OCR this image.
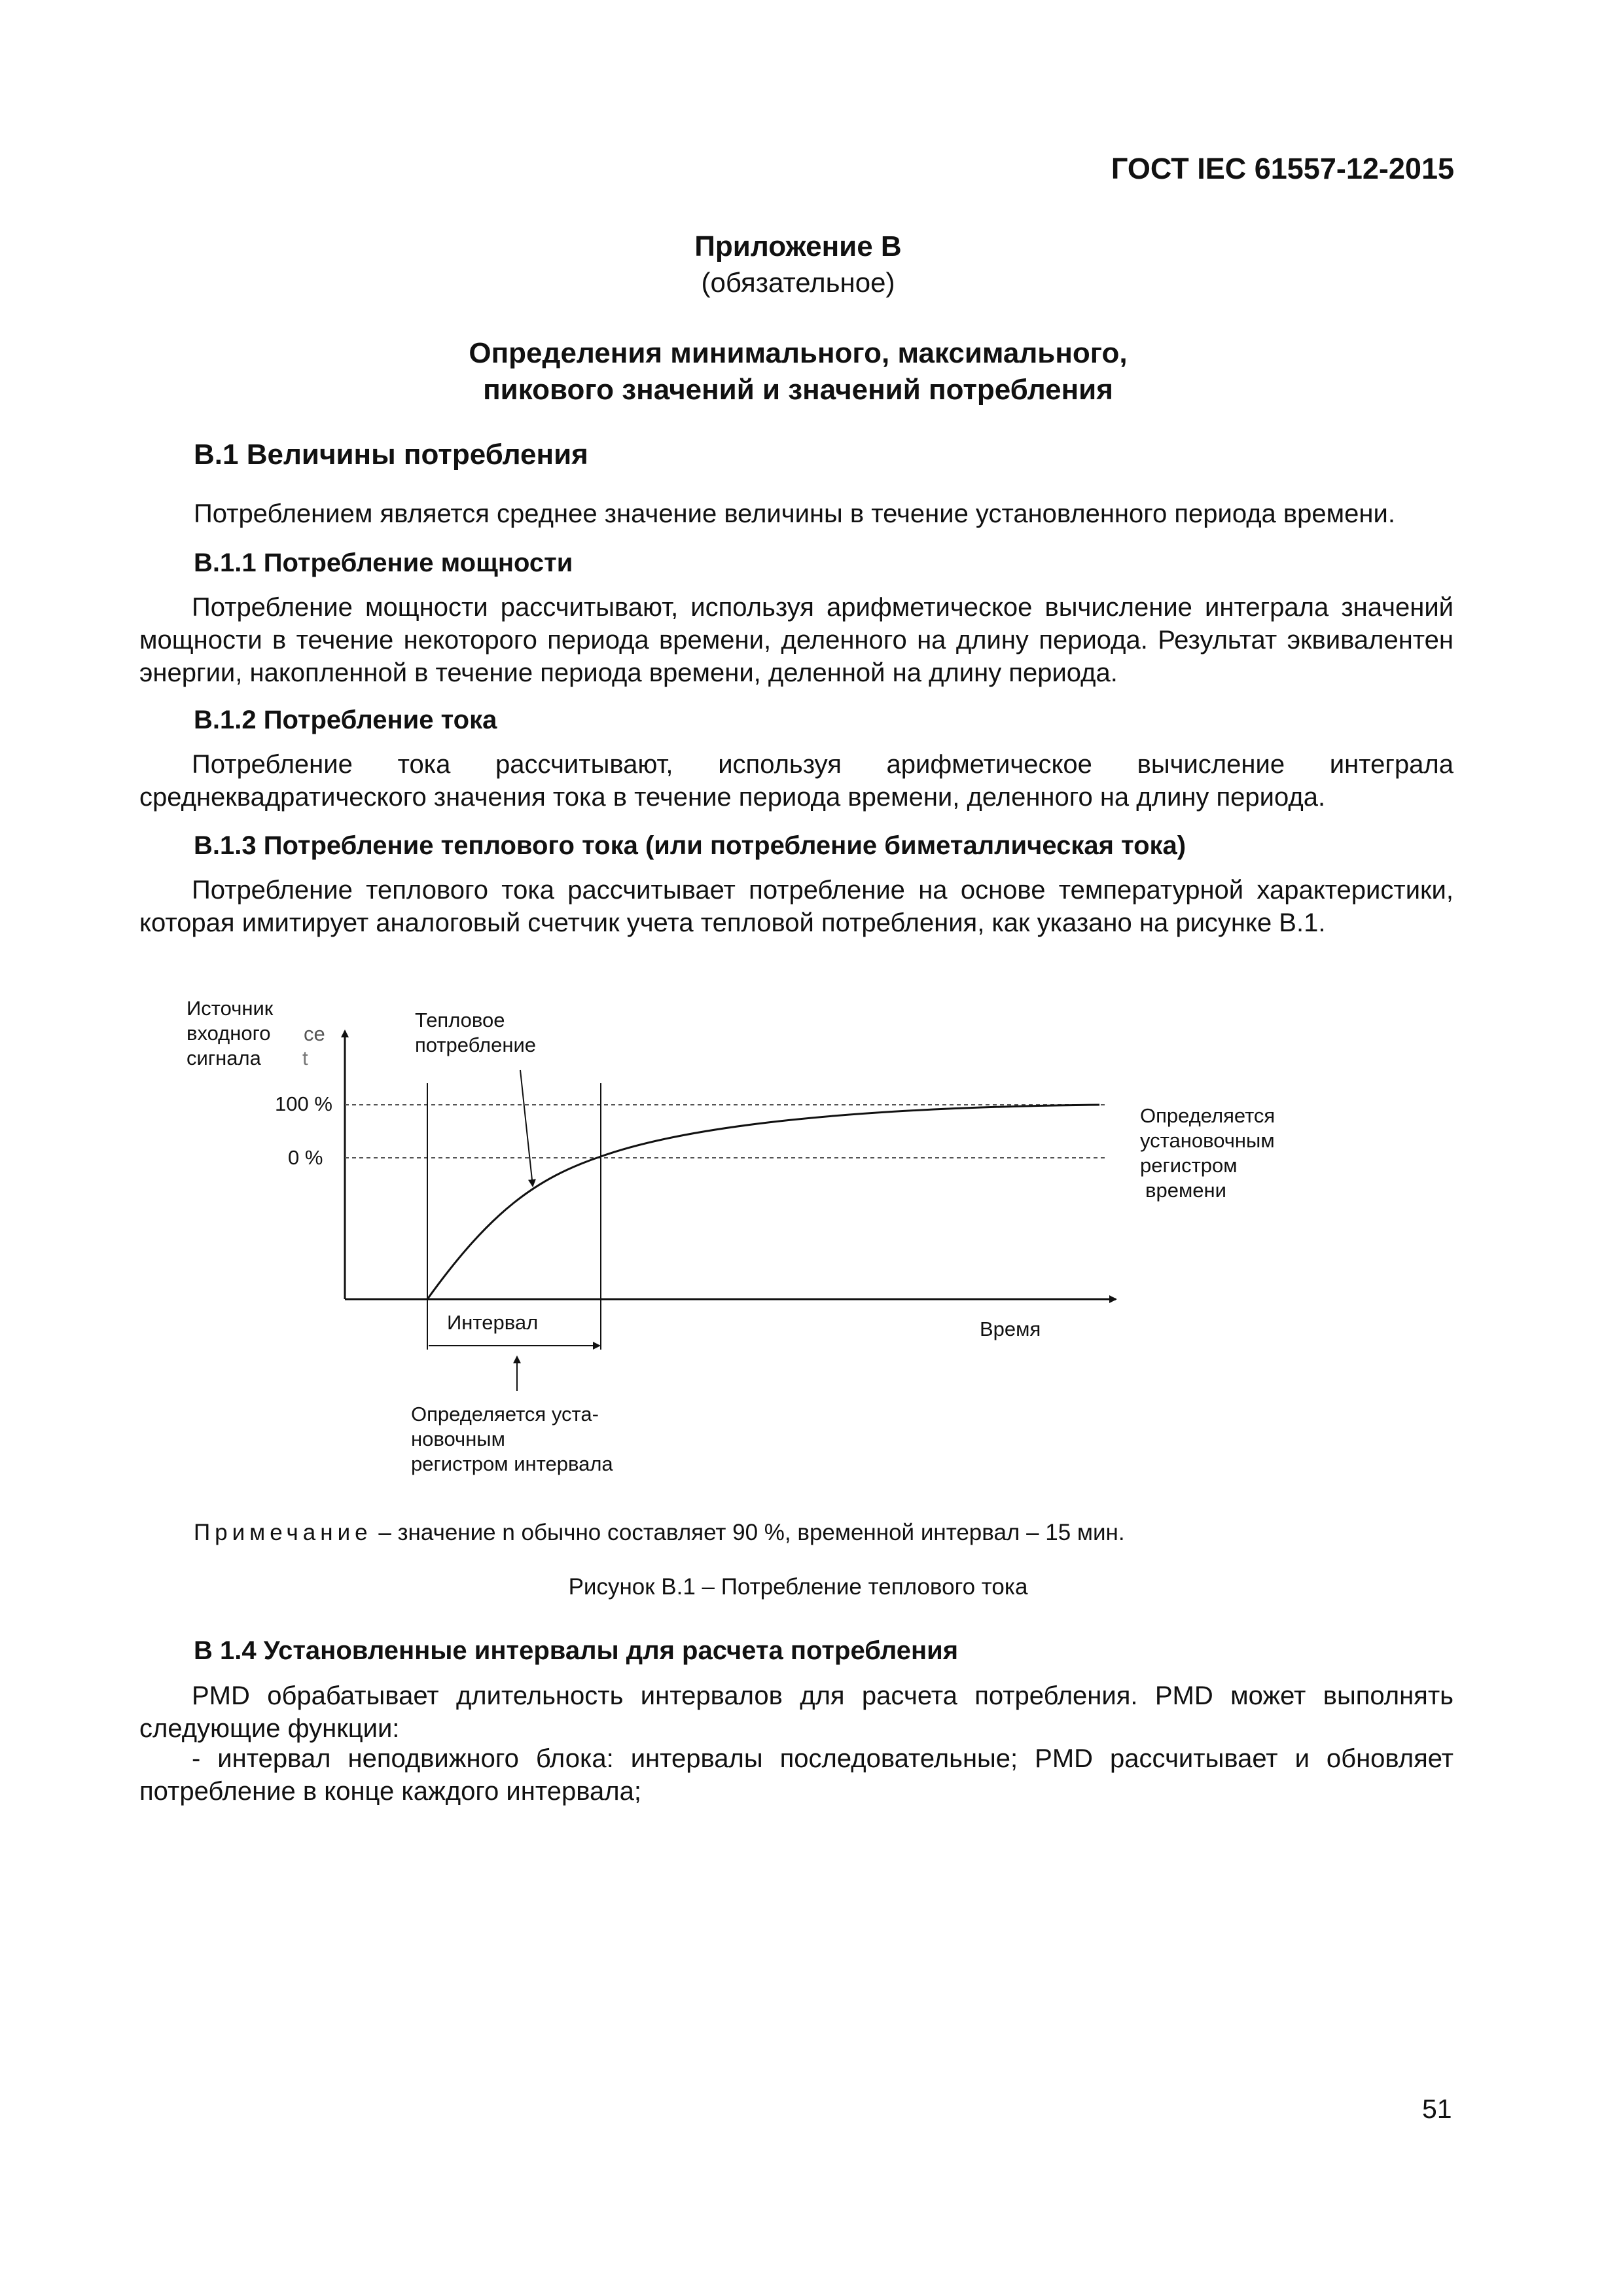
ГОСТ IEC 61557-12-2015
Приложение В
(обязательное)
Определения минимального, максимального,
пикового значений и значений потребления
В.1 Величины потребления
Потреблением является среднее значение величины в течение установленного периода времени.
В.1.1 Потребление мощности
Потребление мощности рассчитывают, используя арифметическое вычисление интеграла значений мощности в течение некоторого периода времени, деленного на длину периода. Результат эквивалентен энергии, накопленной в течение периода времени, деленной на длину периода.
В.1.2 Потребление тока
Потребление тока рассчитывают, используя арифметическое вычисление интеграла среднеквадратического значения тока в течение периода времени, деленного на длину периода.
В.1.3 Потребление теплового тока (или потребление биметаллическая тока)
Потребление теплового тока рассчитывает потребление на основе температурной характеристики, которая имитирует аналоговый счетчик учета тепловой потребления, как указано на рисунке В.1.
Источник
входного
сигнала
ce
t
Тепловое
потребление
100 %
0 %
Определяется
установочным
регистром
времени
Интервал	Время
Определяется уста-
новочным
регистром интервала
Примечание – значение n обычно составляет 90 %, временной интервал – 15 мин.
Рисунок В.1 – Потребление теплового тока
В 1.4 Установленные интервалы для расчета потребления
PMD обрабатывает длительность интервалов для расчета потребления. PMD может выполнять следующие функции:
- интервал неподвижного блока: интервалы последовательные; PMD рассчитывает и обновляет потребление в конце каждого интервала;
51
